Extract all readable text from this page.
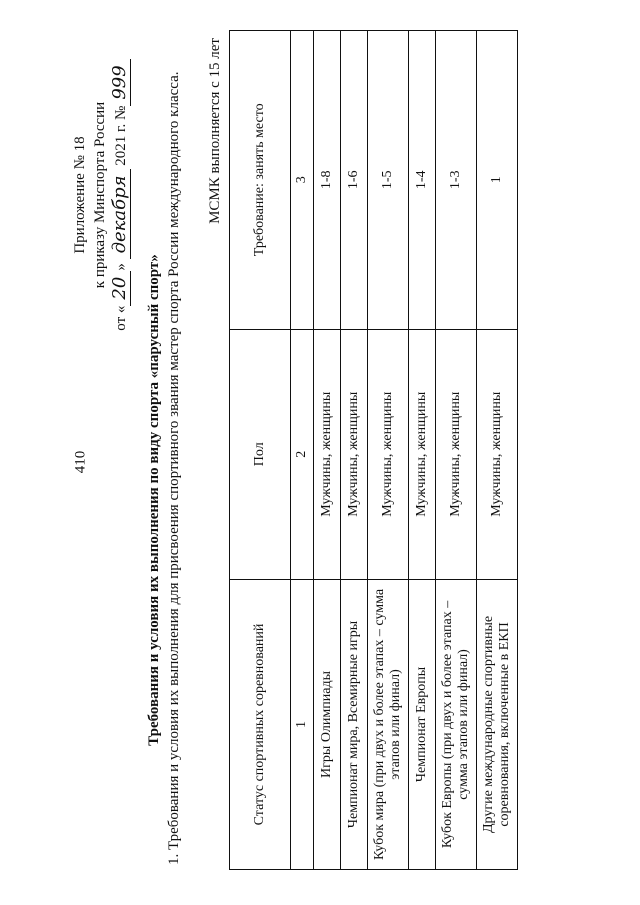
410
Приложение № 18 к приказу Минспорта России
от «20» декабря 2021 г. №999
Требования и условия их выполнения по виду спорта «парусный спорт» 1. Требования и условия их выполнения для присвоения спортивного звания мастер спорта России международного класса. МСМК выполняется с 15 лет
Статус спортивных соревнований	Пол	Требование: занять место
1	2	3
Игры Олимпиады	Мужчины, женщины	1-8
Чемпионат мира, Всемирные игры	Мужчины, женщины	1-6
Кубок мира (при двух и более этапах – сумма этапов или финал)	Мужчины, женщины	1-5
Чемпионат Европы	Мужчины, женщины	1-4
Кубок Европы (при двух и более этапах – сумма этапов или финал)	Мужчины, женщины	1-3
Другие международные спортивные соревнования, включенные в ЕКП	Мужчины, женщины	1
